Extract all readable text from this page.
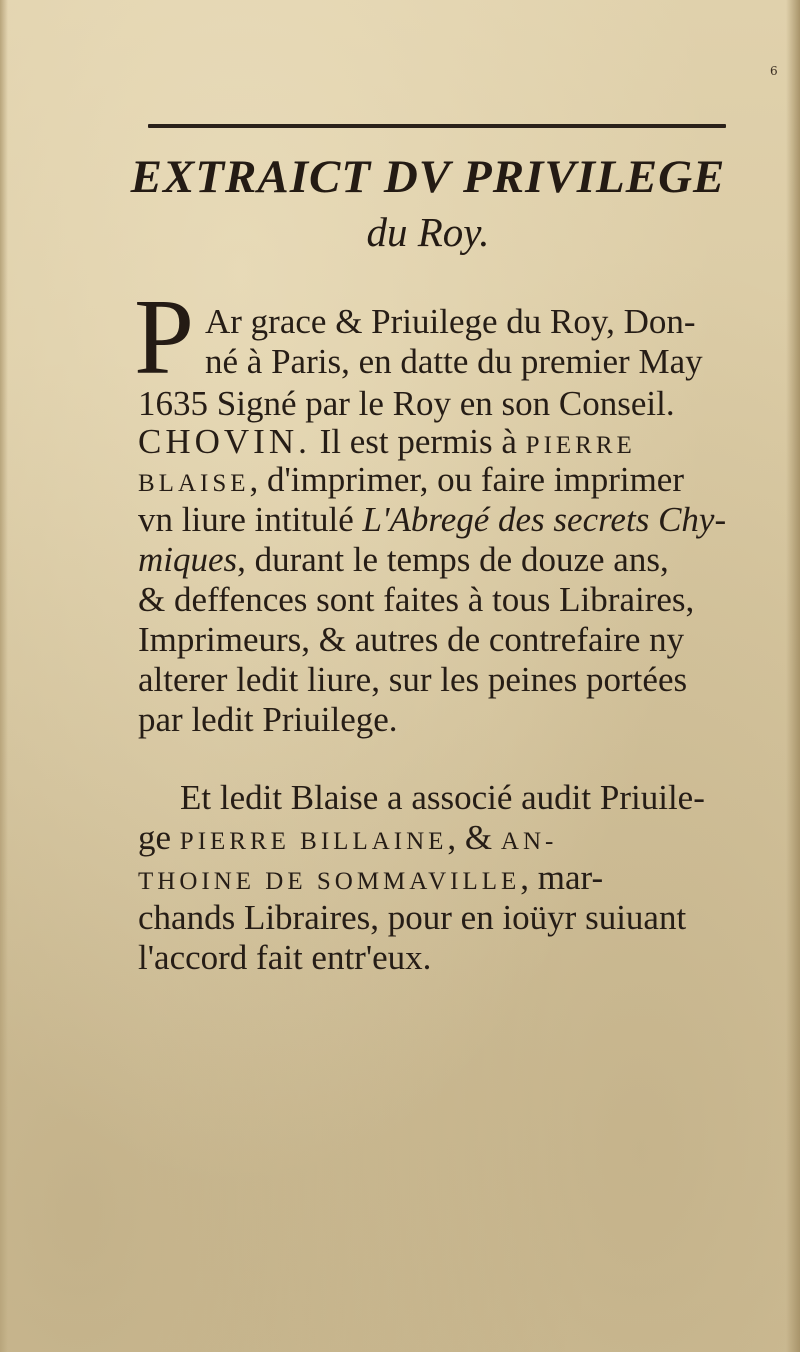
6
EXTRAICT DV PRIVILEGE
du Roy.
P Ar grace & Priuilege du Roy, Don-
né à Paris, en datte du premier May
1635 Signé par le Roy en son Conseil.
CHOVIN. Il est permis à PIERRE
BLAISE, d'imprimer, ou faire imprimer
vn liure intitulé L'Abregé des secrets Chy-
miques, durant le temps de douze ans,
& deffences sont faites à tous Libraires,
Imprimeurs, & autres de contrefaire ny
alterer ledit liure, sur les peines portées
par ledit Priuilege.
Et ledit Blaise a associé audit Priuile-
ge PIERRE BILLAINE, & AN-
THOINE DE SOMMAVILLE, mar-
chands Libraires, pour en ioüyr suiuant
l'accord fait entr'eux.
